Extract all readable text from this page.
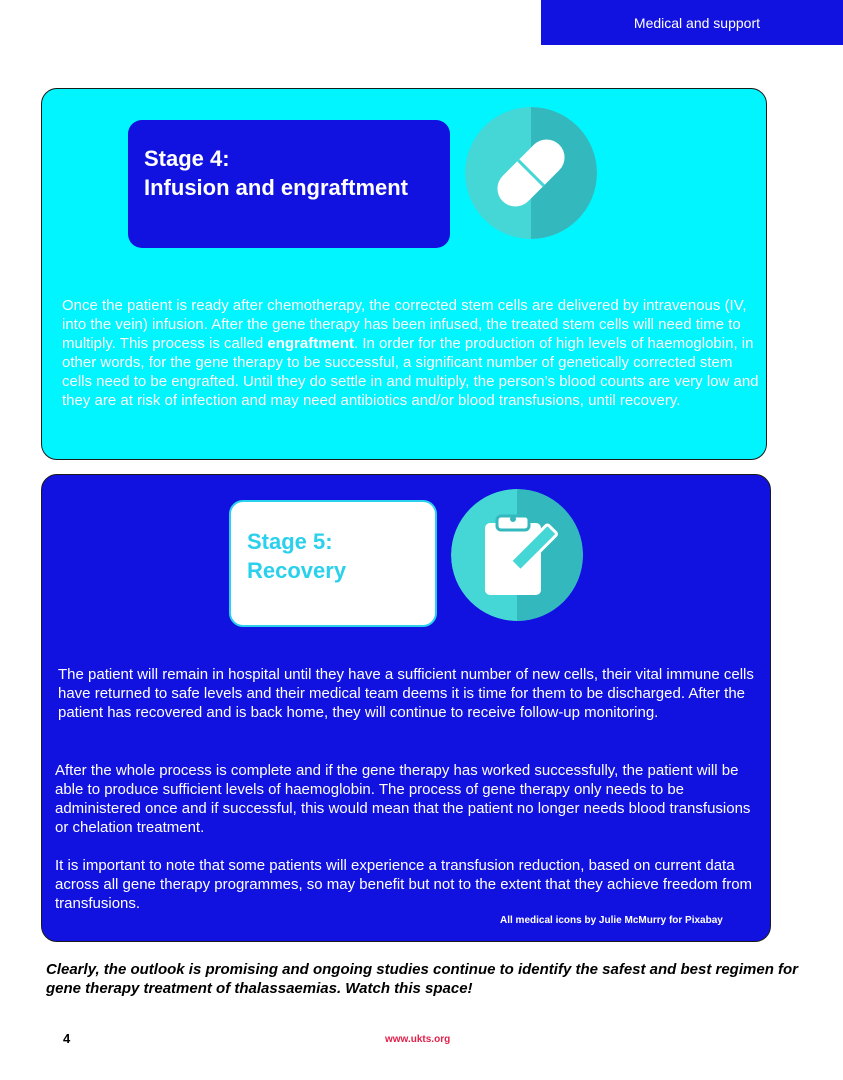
Medical and support
Stage 4:
Infusion and engraftment

Once the patient is ready after chemotherapy, the corrected stem cells are delivered by intravenous (IV, into the vein) infusion. After the gene therapy has been infused, the treated stem cells will need time to multiply. This process is called engraftment. In order for the production of high levels of haemoglobin, in other words, for the gene therapy to be successful, a significant number of genetically corrected stem cells need to be engrafted. Until they do settle in and multiply, the person’s blood counts are very low and they are at risk of infection and may need antibiotics and/or blood transfusions, until recovery.

Stage 5:
Recovery

The patient will remain in hospital until they have a sufficient number of new cells, their vital immune cells have returned to safe levels and their medical team deems it is time for them to be discharged. After the patient has recovered and is back home, they will continue to receive follow-up monitoring.

After the whole process is complete and if the gene therapy has worked successfully, the patient will be able to produce sufficient levels of haemoglobin. The process of gene therapy only needs to be administered once and if successful, this would mean that the patient no longer needs blood transfusions or chelation treatment.

It is important to note that some patients will experience a transfusion reduction, based on current data across all gene therapy programmes, so may benefit but not to the extent that they achieve freedom from transfusions.

All medical icons by Julie McMurry for Pixabay

Clearly, the outlook is promising and ongoing studies continue to identify the safest and best regimen for gene therapy treatment of thalassaemias. Watch this space!

4	www.ukts.org
